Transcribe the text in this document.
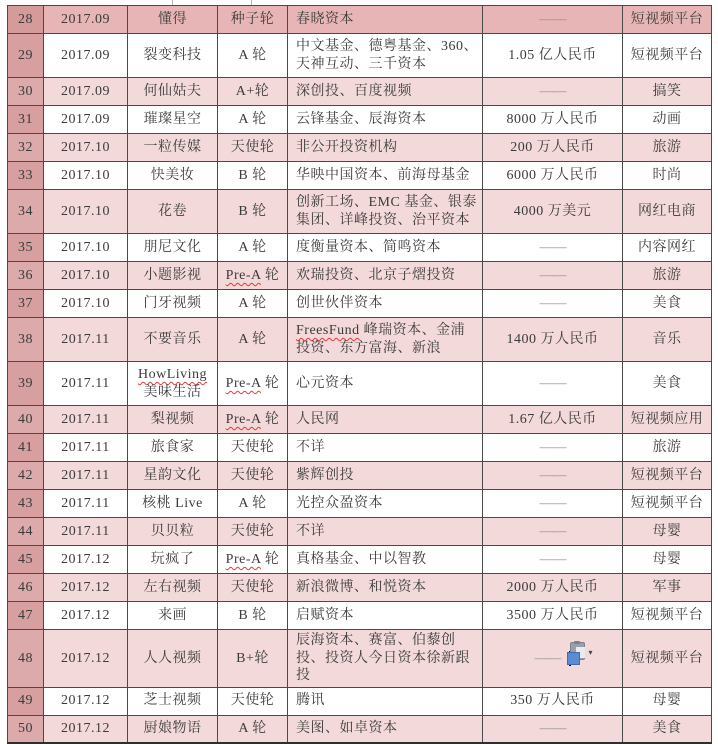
28	2017.09	懂得	种子轮	春晓资本	——	短视频平台
29	2017.09	裂变科技	A 轮	中文基金、德粤基金、360、天神互动、三千资本	1.05 亿人民币	短视频平台
30	2017.09	何仙姑夫	A+轮	深创投、百度视频	——	搞笑
31	2017.09	璀璨星空	A 轮	云锋基金、辰海资本	8000 万人民币	动画
32	2017.10	一粒传媒	天使轮	非公开投资机构	200 万人民币	旅游
33	2017.10	快美妆	B 轮	华映中国资本、前海母基金	6000 万人民币	时尚
34	2017.10	花卷	B 轮	创新工场、EMC 基金、银泰集团、详峰投资、治平资本	4000 万美元	网红电商
35	2017.10	朋尼文化	A 轮	度衡量资本、简鸣资本	——	内容网红
36	2017.10	小题影视	Pre-A 轮	欢瑞投资、北京子熠投资	——	旅游
37	2017.10	门牙视频	A 轮	创世伙伴资本	——	美食
38	2017.11	不要音乐	A 轮	FreesFund 峰瑞资本、金浦投资、东方富海、新浪	1400 万人民币	音乐
39	2017.11	HowLiving 美味生活	Pre-A 轮	心元资本	——	美食
40	2017.11	梨视频	Pre-A 轮	人民网	1.67 亿人民币	短视频应用
41	2017.11	旅食家	天使轮	不详	——	旅游
42	2017.11	星韵文化	天使轮	紫辉创投	——	短视频平台
43	2017.11	核桃 Live	A 轮	光控众盈资本	——	短视频平台
44	2017.11	贝贝粒	天使轮	不详	——	母婴
45	2017.12	玩疯了	Pre-A 轮	真格基金、中以智教	——	母婴
46	2017.12	左右视频	天使轮	新浪微博、和悦资本	2000 万人民币	军事
47	2017.12	来画	B 轮	启赋资本	3500 万人民币	短视频平台
48	2017.12	人人视频	B+轮	辰海资本、赛富、伯藜创投、投资人今日资本徐新跟投	—— ▾	短视频平台
49	2017.12	芝士视频	天使轮	腾讯	350 万人民币	母婴
50	2017.12	厨娘物语	A 轮	美图、如卓资本	——	美食
